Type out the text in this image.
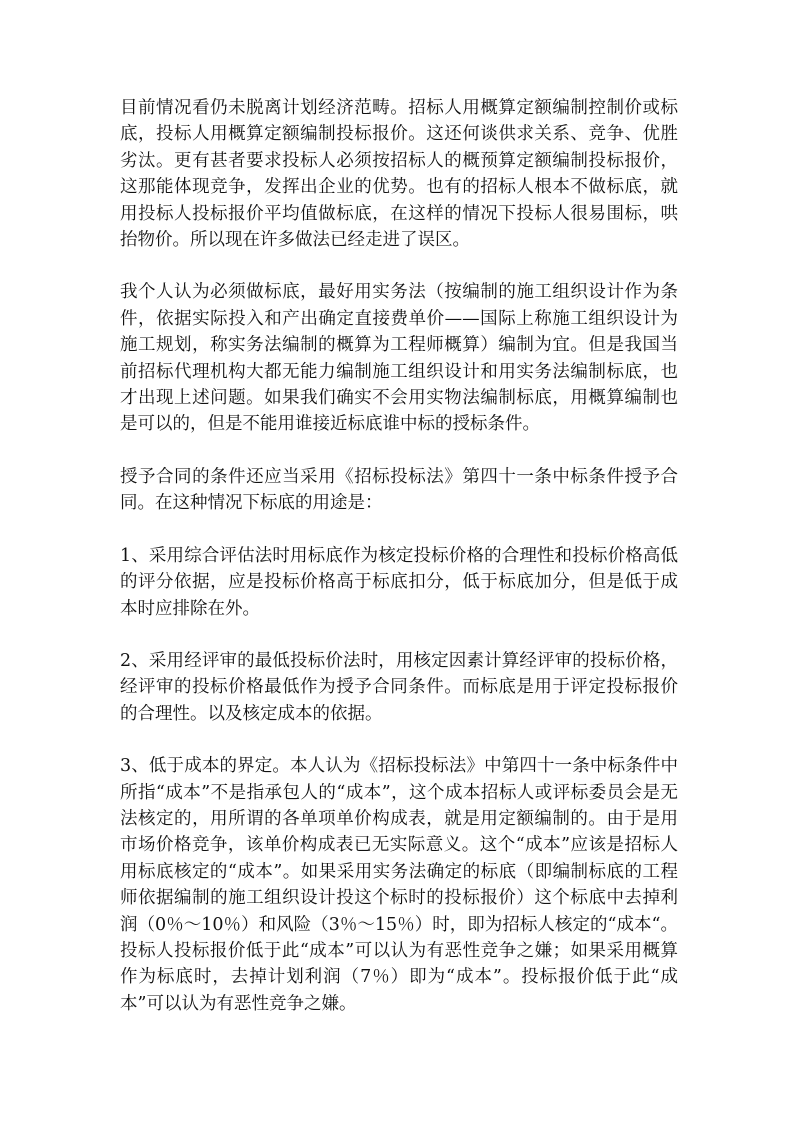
目前情况看仍未脱离计划经济范畴。招标人用概算定额编制控制价或标底，投标人用概算定额编制投标报价。这还何谈供求关系、竞争、优胜劣汰。更有甚者要求投标人必须按招标人的概预算定额编制投标报价，这那能体现竞争，发挥出企业的优势。也有的招标人根本不做标底，就用投标人投标报价平均值做标底，在这样的情况下投标人很易围标，哄抬物价。所以现在许多做法已经走进了误区。

我个人认为必须做标底，最好用实务法（按编制的施工组织设计作为条件，依据实际投入和产出确定直接费单价——国际上称施工组织设计为施工规划，称实务法编制的概算为工程师概算）编制为宜。但是我国当前招标代理机构大都无能力编制施工组织设计和用实务法编制标底，也才出现上述问题。如果我们确实不会用实物法编制标底，用概算编制也是可以的，但是不能用谁接近标底谁中标的授标条件。

授予合同的条件还应当采用《招标投标法》第四十一条中标条件授予合同。在这种情况下标底的用途是：

1、采用综合评估法时用标底作为核定投标价格的合理性和投标价格高低的评分依据，应是投标价格高于标底扣分，低于标底加分，但是低于成本时应排除在外。

2、采用经评审的最低投标价法时，用核定因素计算经评审的投标价格，经评审的投标价格最低作为授予合同条件。而标底是用于评定投标报价的合理性。以及核定成本的依据。

3、低于成本的界定。本人认为《招标投标法》中第四十一条中标条件中所指“成本”不是指承包人的“成本”，这个成本招标人或评标委员会是无法核定的，用所谓的各单项单价构成表，就是用定额编制的。由于是用市场价格竞争，该单价构成表已无实际意义。这个“成本”应该是招标人用标底核定的“成本”。如果采用实务法确定的标底（即编制标底的工程师依据编制的施工组织设计投这个标时的投标报价）这个标底中去掉利润（0％～10％）和风险（3％～15％）时，即为招标人核定的“成本“。投标人投标报价低于此“成本”可以认为有恶性竞争之嫌；如果采用概算作为标底时，去掉计划利润（7％）即为“成本”。投标报价低于此“成本”可以认为有恶性竞争之嫌。
